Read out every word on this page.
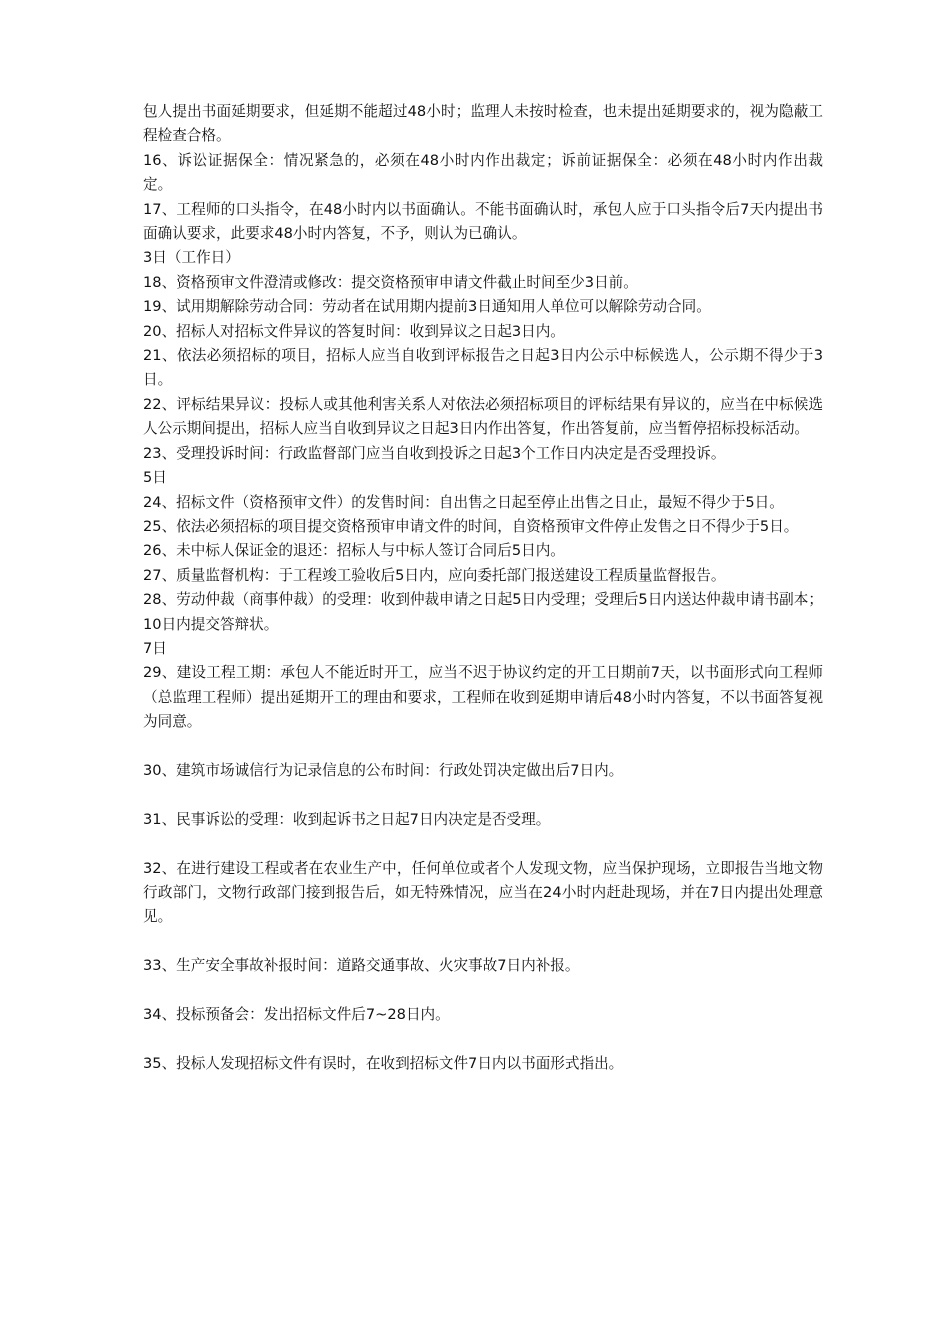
包人提出书面延期要求，但延期不能超过48小时；监理人未按时检查，也未提出延期要求的，视为隐蔽工程检查合格。

16、诉讼证据保全：情况紧急的，必须在48小时内作出裁定；诉前证据保全：必须在48小时内作出裁定。

17、工程师的口头指令，在48小时内以书面确认。不能书面确认时，承包人应于口头指令后7天内提出书面确认要求，此要求48小时内答复，不予，则认为已确认。

3日（工作日）

18、资格预审文件澄清或修改：提交资格预审申请文件截止时间至少3日前。

19、试用期解除劳动合同：劳动者在试用期内提前3日通知用人单位可以解除劳动合同。

20、招标人对招标文件异议的答复时间：收到异议之日起3日内。

21、依法必须招标的项目，招标人应当自收到评标报告之日起3日内公示中标候选人，公示期不得少于3日。

22、评标结果异议：投标人或其他利害关系人对依法必须招标项目的评标结果有异议的，应当在中标候选人公示期间提出，招标人应当自收到异议之日起3日内作出答复，作出答复前，应当暂停招标投标活动。

23、受理投诉时间：行政监督部门应当自收到投诉之日起3个工作日内决定是否受理投诉。

5日

24、招标文件（资格预审文件）的发售时间：自出售之日起至停止出售之日止，最短不得少于5日。

25、依法必须招标的项目提交资格预审申请文件的时间，自资格预审文件停止发售之日不得少于5日。

26、未中标人保证金的退还：招标人与中标人签订合同后5日内。

27、质量监督机构：于工程竣工验收后5日内，应向委托部门报送建设工程质量监督报告。

28、劳动仲裁（商事仲裁）的受理：收到仲裁申请之日起5日内受理；受理后5日内送达仲裁申请书副本；10日内提交答辩状。

7日

29、建设工程工期：承包人不能近时开工，应当不迟于协议约定的开工日期前7天，以书面形式向工程师（总监理工程师）提出延期开工的理由和要求，工程师在收到延期申请后48小时内答复，不以书面答复视为同意。

30、建筑市场诚信行为记录信息的公布时间：行政处罚决定做出后7日内。

31、民事诉讼的受理：收到起诉书之日起7日内决定是否受理。

32、在进行建设工程或者在农业生产中，任何单位或者个人发现文物，应当保护现场，立即报告当地文物行政部门，文物行政部门接到报告后，如无特殊情况，应当在24小时内赶赴现场，并在7日内提出处理意见。

33、生产安全事故补报时间：道路交通事故、火灾事故7日内补报。

34、投标预备会：发出招标文件后7~28日内。

35、投标人发现招标文件有误时，在收到招标文件7日内以书面形式指出。
